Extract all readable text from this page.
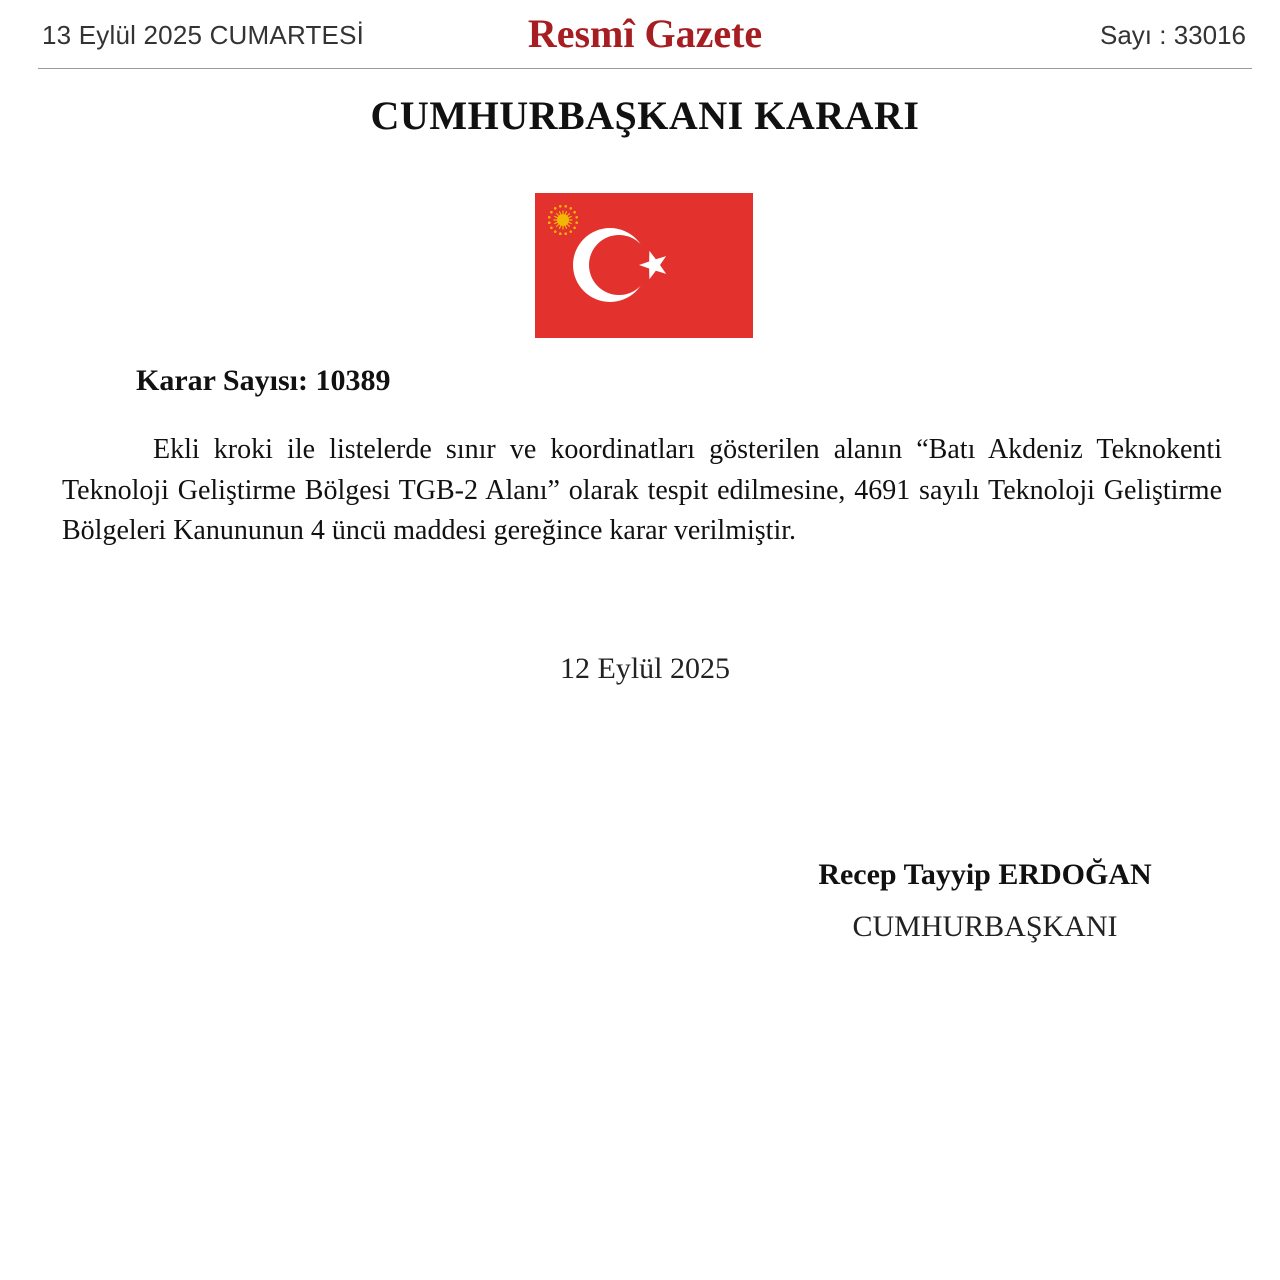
13 Eylül 2025 CUMARTESİ	Resmî Gazete	Sayı : 33016
CUMHURBAŞKANI KARARI
Karar Sayısı: 10389

Ekli kroki ile listelerde sınır ve koordinatları gösterilen alanın “Batı Akdeniz Teknokenti Teknoloji Geliştirme Bölgesi TGB-2 Alanı” olarak tespit edilmesine, 4691 sayılı Teknoloji Geliştirme Bölgeleri Kanununun 4 üncü maddesi gereğince karar verilmiştir.

12 Eylül 2025
Recep Tayyip ERDOĞAN
CUMHURBAŞKANI
